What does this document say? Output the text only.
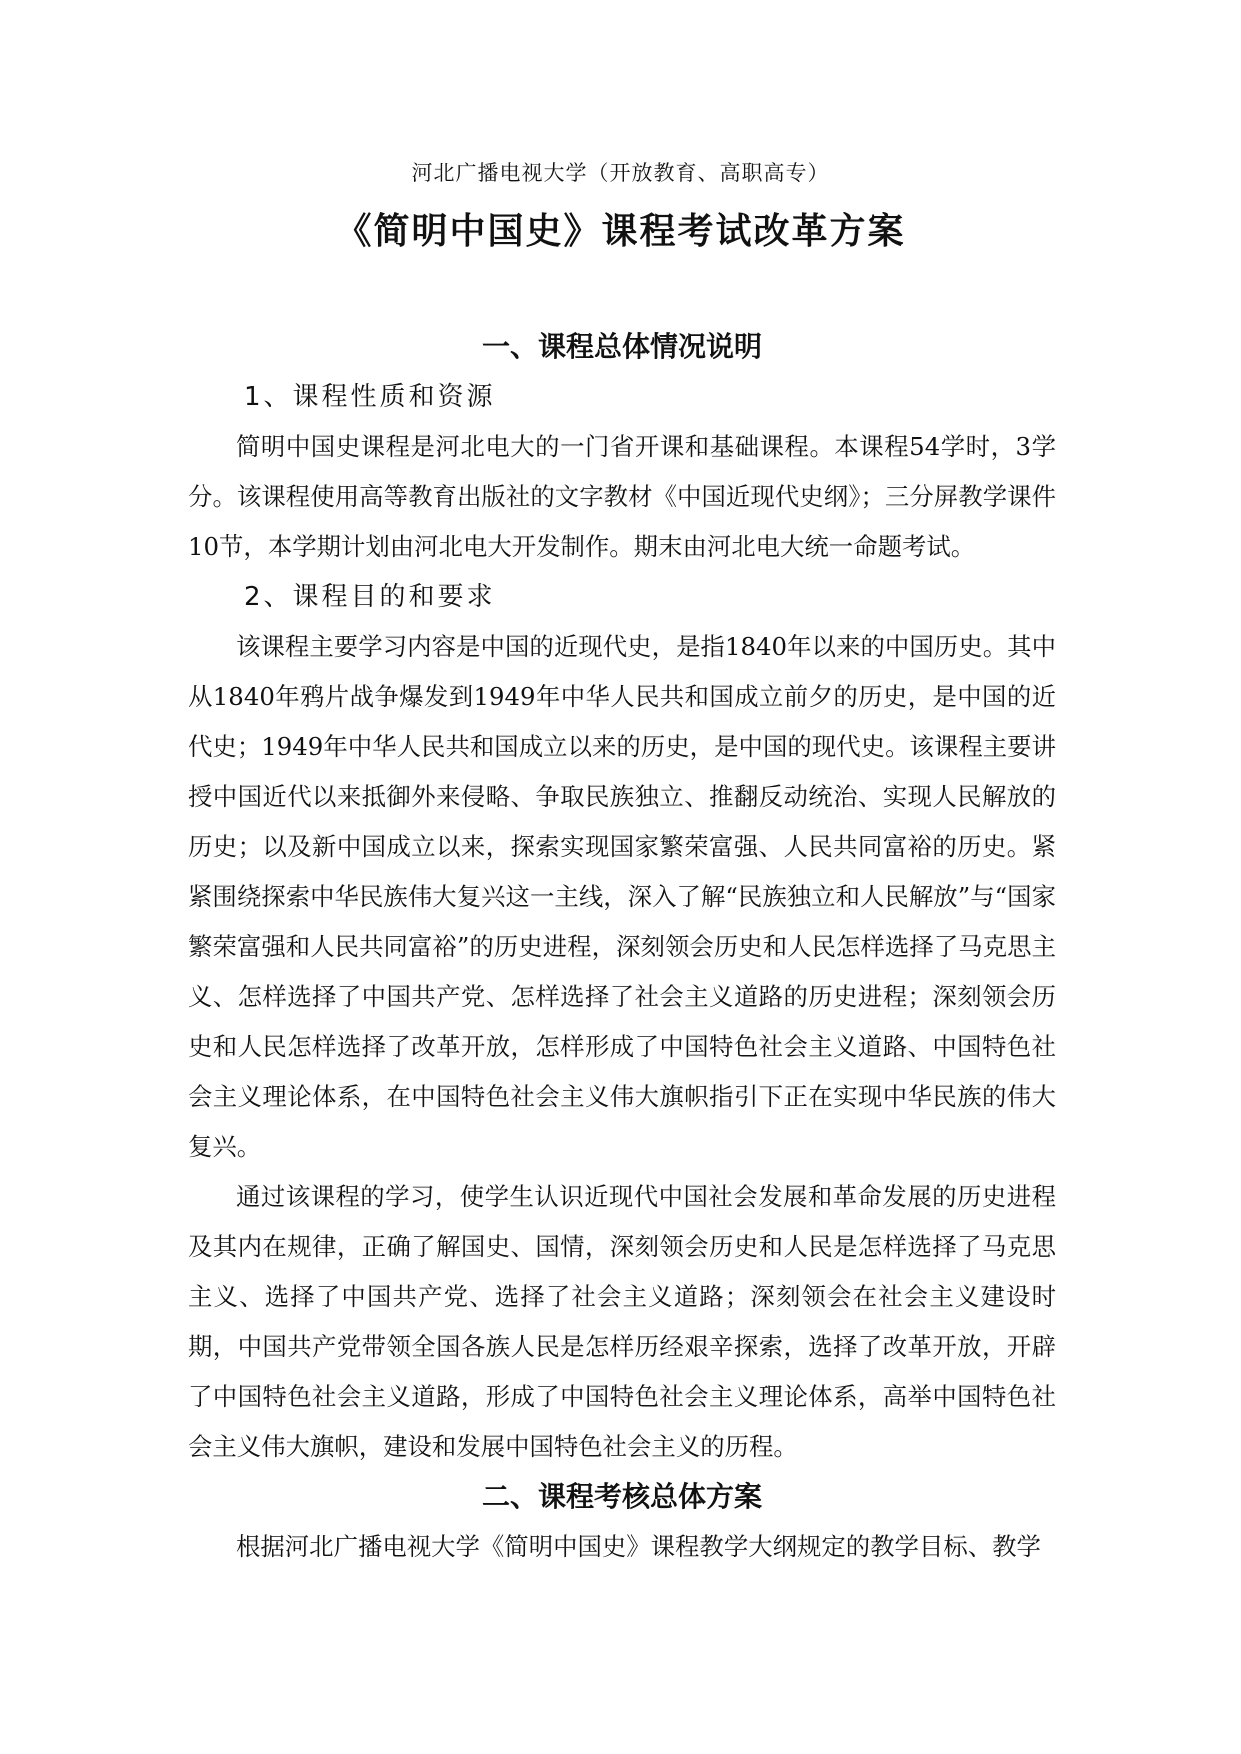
河北广播电视大学（开放教育、高职高专）
《简明中国史》课程考试改革方案
一、课程总体情况说明
1、课程性质和资源

简明中国史课程是河北电大的一门省开课和基础课程。本课程54学时，3学分。该课程使用高等教育出版社的文字教材《中国近现代史纲》；三分屏教学课件10节，本学期计划由河北电大开发制作。期末由河北电大统一命题考试。

2、课程目的和要求

该课程主要学习内容是中国的近现代史，是指1840年以来的中国历史。其中从1840年鸦片战争爆发到1949年中华人民共和国成立前夕的历史，是中国的近代史；1949年中华人民共和国成立以来的历史，是中国的现代史。该课程主要讲授中国近代以来抵御外来侵略、争取民族独立、推翻反动统治、实现人民解放的历史；以及新中国成立以来，探索实现国家繁荣富强、人民共同富裕的历史。紧紧围绕探索中华民族伟大复兴这一主线，深入了解“民族独立和人民解放”与“国家繁荣富强和人民共同富裕”的历史进程，深刻领会历史和人民怎样选择了马克思主义、怎样选择了中国共产党、怎样选择了社会主义道路的历史进程；深刻领会历史和人民怎样选择了改革开放，怎样形成了中国特色社会主义道路、中国特色社会主义理论体系，在中国特色社会主义伟大旗帜指引下正在实现中华民族的伟大复兴。

通过该课程的学习，使学生认识近现代中国社会发展和革命发展的历史进程及其内在规律，正确了解国史、国情，深刻领会历史和人民是怎样选择了马克思主义、选择了中国共产党、选择了社会主义道路；深刻领会在社会主义建设时期，中国共产党带领全国各族人民是怎样历经艰辛探索，选择了改革开放，开辟了中国特色社会主义道路，形成了中国特色社会主义理论体系，高举中国特色社会主义伟大旗帜，建设和发展中国特色社会主义的历程。

二、课程考核总体方案

根据河北广播电视大学《简明中国史》课程教学大纲规定的教学目标、教学
